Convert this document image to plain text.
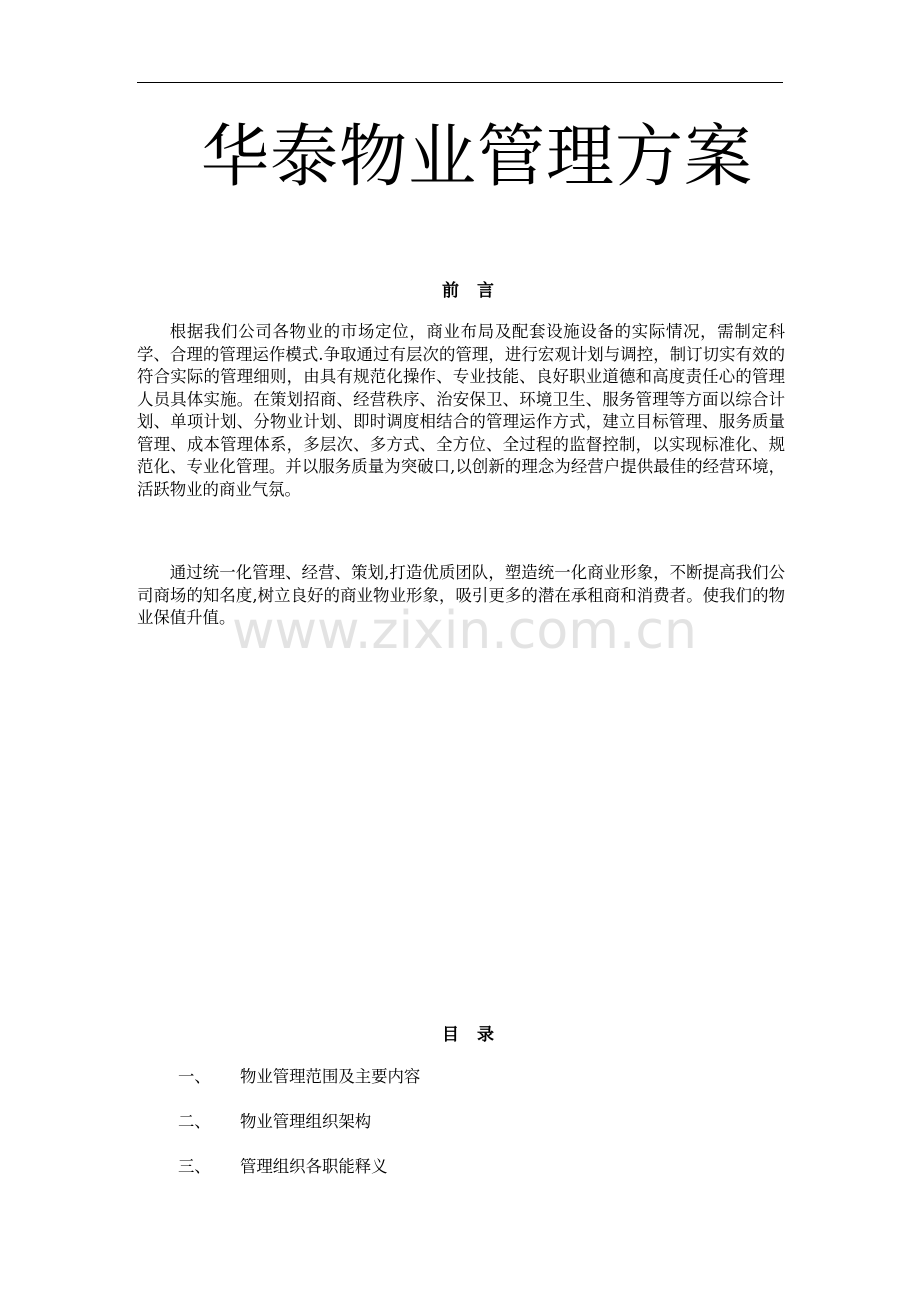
华泰物业管理方案
前言

根据我们公司各物业的市场定位，商业布局及配套设施设备的实际情况，需制定科学、合理的管理运作模式.争取通过有层次的管理，进行宏观计划与调控，制订切实有效的符合实际的管理细则，由具有规范化操作、专业技能、良好职业道德和高度责任心的管理人员具体实施。在策划招商、经营秩序、治安保卫、环境卫生、服务管理等方面以综合计划、单项计划、分物业计划、即时调度相结合的管理运作方式，建立目标管理、服务质量管理、成本管理体系，多层次、多方式、全方位、全过程的监督控制，以实现标准化、规范化、专业化管理。并以服务质量为突破口,以创新的理念为经营户提供最佳的经营环境，活跃物业的商业气氛。

通过统一化管理、经营、策划,打造优质团队，塑造统一化商业形象，不断提高我们公司商场的知名度,树立良好的商业物业形象，吸引更多的潜在承租商和消费者。使我们的物业保值升值。

www.zixin.com.cn
目录
一、	物业管理范围及主要内容
二、	物业管理组织架构
三、	管理组织各职能释义
